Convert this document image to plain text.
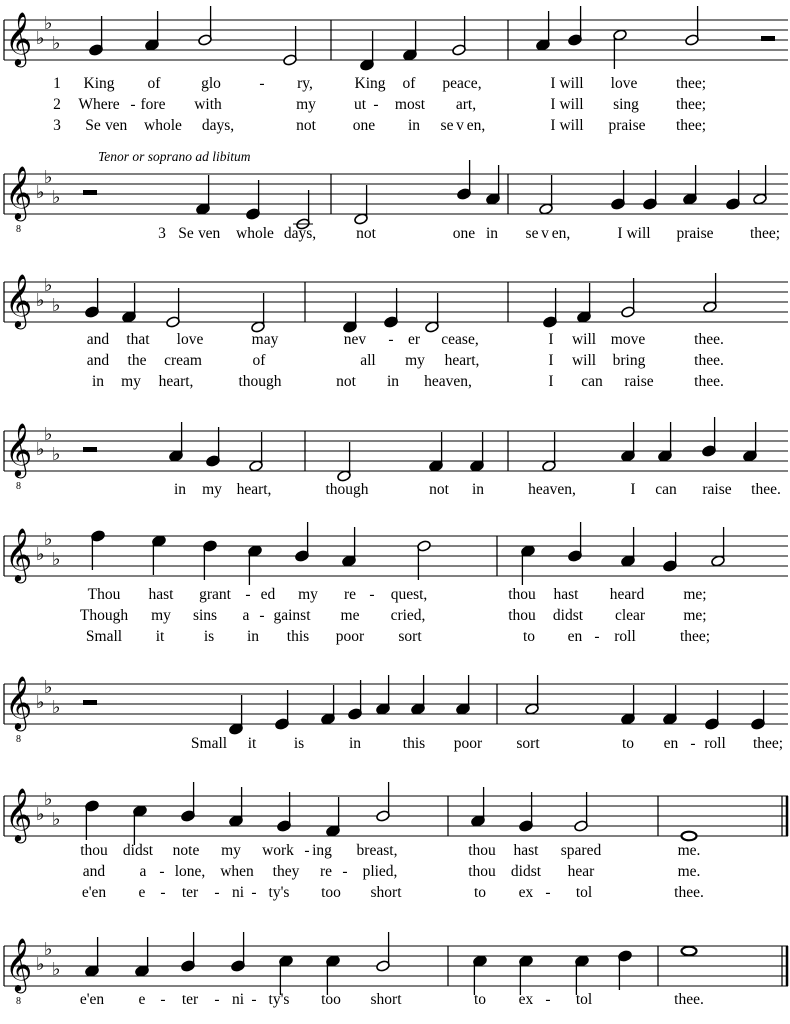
𝄞 ♭
♭
♭
𝄞
8
♭
♭
♭
𝄞 ♭
♭
♭
𝄞
8
♭
♭
♭
𝄞 ♭
♭
♭
𝄞
8
♭
♭
♭
𝄞 ♭
♭
♭
𝄞
8
♭
♭
♭
Tenor or soprano ad libitum
1 King of	glo - ry,	King of peace,	I will love thee;
2 Where - fore with	my ut - most art,	I will sing thee;
3 Se v en whole days,	not one in se v en,	I will praise thee;
3 Se v en whole days,	not	one in se v en,	I will praise thee;
and that love	may	nev - er cease,	I will move	thee.
and the cream	of	all my heart,	I will bring	thee.
in my heart,	though	not in heaven,	I can raise	thee.
in my heart,	though	not in	heaven,	I can raise thee.
Thou hast grant - ed my re - quest,	thou hast heard	me;
Though my sins a - gainst me cried,	thou didst clear me;
Small it	is in this poor sort	to en - roll	thee;
Small it is	in	this poor sort	to en - roll thee;
thou didst note my work - ing breast,	thou hast spared	me.
and a - lone, when they re - plied,	thou didst hear	me.
e'en e - ter - ni - ty's too short	to ex - tol	thee.
e'en e - ter - ni - ty's too short	to ex - tol	thee.
